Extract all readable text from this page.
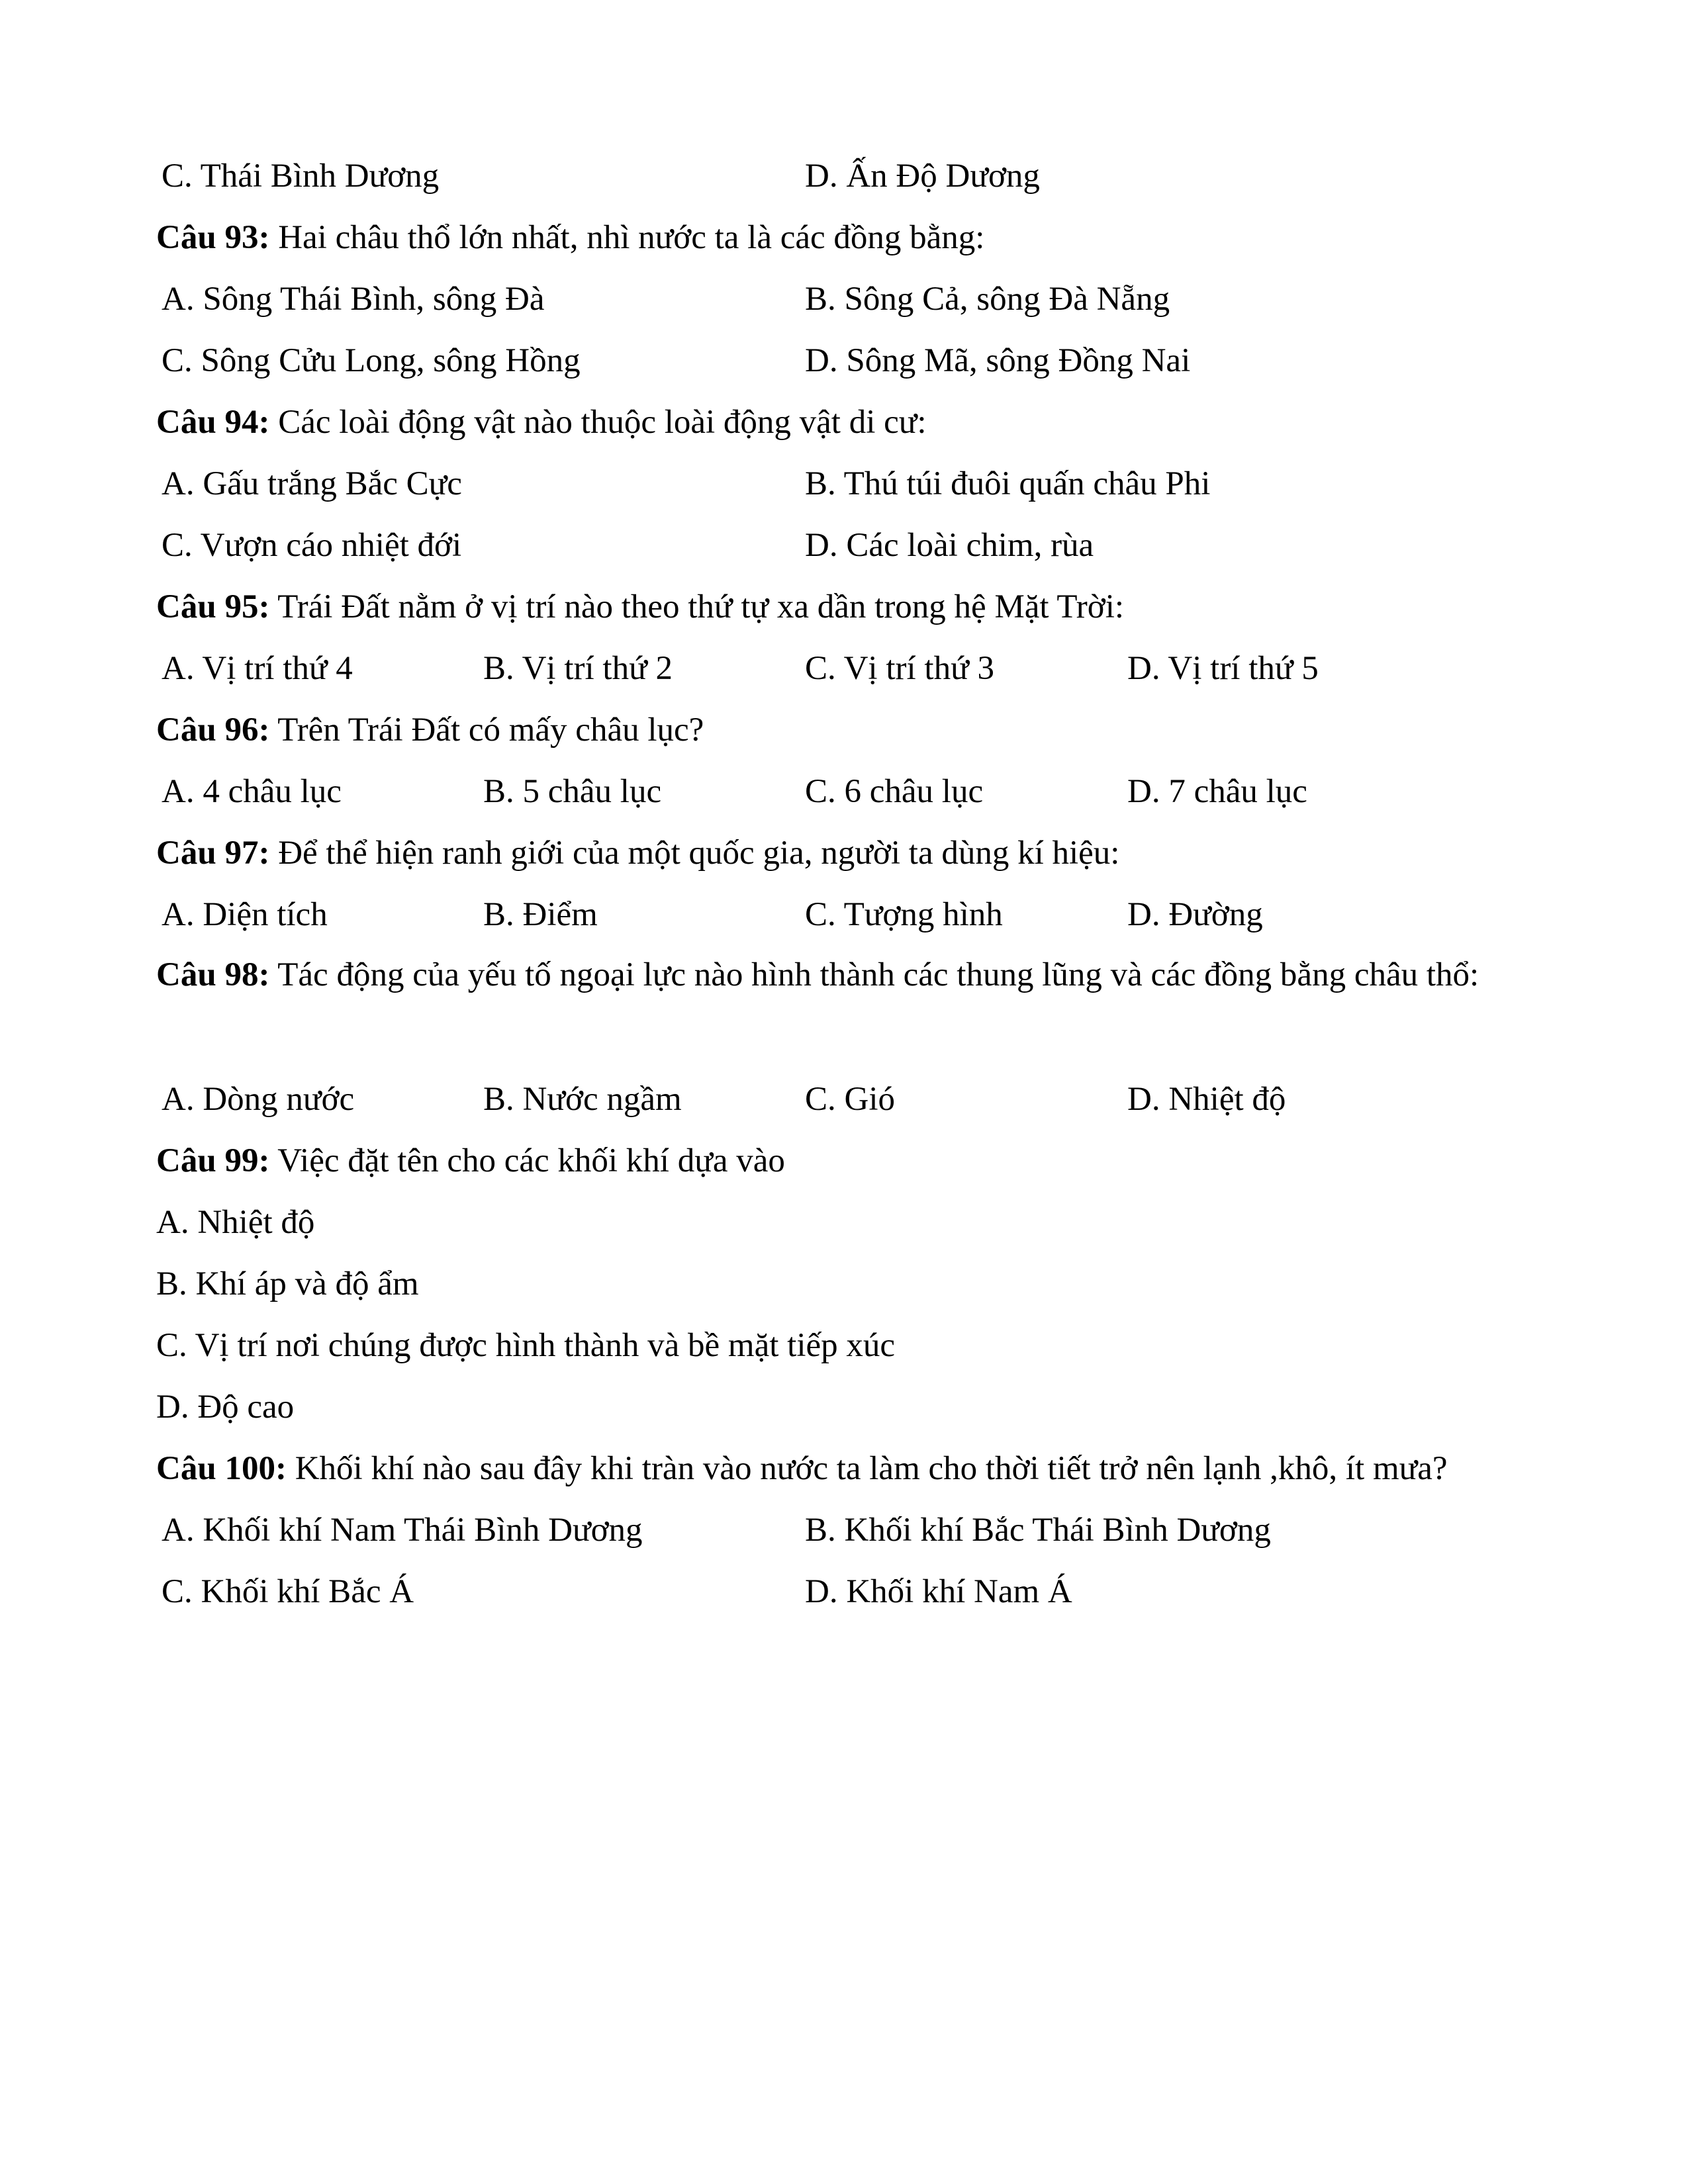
C. Thái Bình Dương	D. Ấn Độ Dương
Câu 93: Hai châu thổ lớn nhất, nhì nước ta là các đồng bằng:
A. Sông Thái Bình, sông Đà	B. Sông Cả, sông Đà Nẵng
C. Sông Cửu Long, sông Hồng	D. Sông Mã, sông Đồng Nai
Câu 94: Các loài động vật nào thuộc loài động vật di cư:
A. Gấu trắng Bắc Cực	B. Thú túi đuôi quấn châu Phi
C. Vượn cáo nhiệt đới	D. Các loài chim, rùa
Câu 95: Trái Đất nằm ở vị trí nào theo thứ tự xa dần trong hệ Mặt Trời:
A. Vị trí thứ 4	B. Vị trí thứ 2	C. Vị trí thứ 3	D. Vị trí thứ 5
Câu 96: Trên Trái Đất có mấy châu lục?
A. 4 châu lục	B. 5 châu lục	C. 6 châu lục	D. 7 châu lục
Câu 97: Để thể hiện ranh giới của một quốc gia, người ta dùng kí hiệu:
A. Diện tích	B. Điểm	C. Tượng hình	D. Đường
Câu 98: Tác động của yếu tố ngoại lực nào hình thành các thung lũng và các đồng bằng châu thổ:
A. Dòng nước	B. Nước ngầm	C. Gió	D. Nhiệt độ
Câu 99: Việc đặt tên cho các khối khí dựa vào
A. Nhiệt độ
B. Khí áp và độ ẩm
C. Vị trí nơi chúng được hình thành và bề mặt tiếp xúc
D. Độ cao
Câu 100: Khối khí nào sau đây khi tràn vào nước ta làm cho thời tiết trở nên lạnh ,khô, ít mưa?
A. Khối khí Nam Thái Bình Dương	B. Khối khí Bắc Thái Bình Dương
C. Khối khí Bắc Á	D. Khối khí Nam Á
